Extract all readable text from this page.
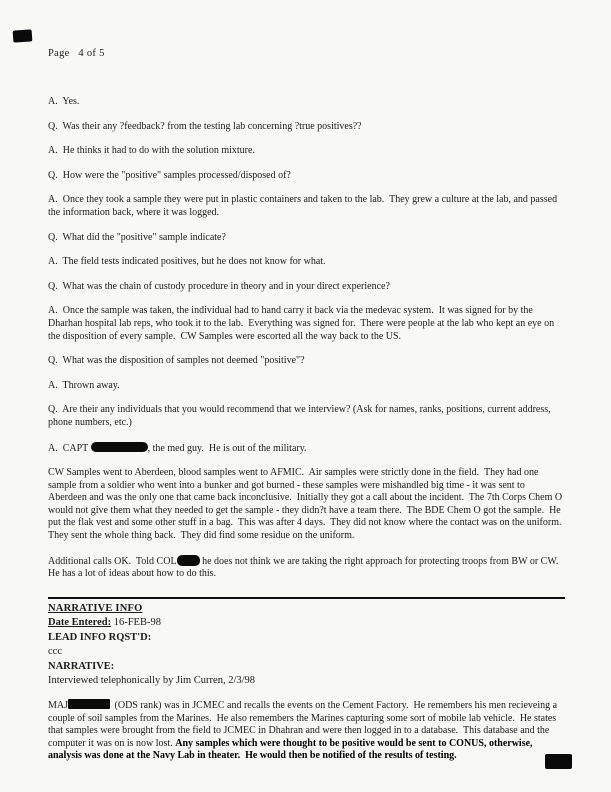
Page   4 of 5

A.  Yes.

Q.  Was their any ?feedback? from the testing lab concerning ?true positives??

A.  He thinks it had to do with the solution mixture.

Q.  How were the "positive" samples processed/disposed of?

A.  Once they took a sample they were put in plastic containers and taken to the lab.  They grew a culture at the lab, and passed the information back, where it was logged.

Q.  What did the "positive" sample indicate?

A.  The field tests indicated positives, but he does not know for what.

Q.  What was the chain of custody procedure in theory and in your direct experience?

A.  Once the sample was taken, the individual had to hand carry it back via the medevac system.  It was signed for by the Dharhan hospital lab reps, who took it to the lab.  Everything was signed for.  There were people at the lab who kept an eye on the disposition of every sample.  CW Samples were escorted all the way back to the US.

Q.  What was the disposition of samples not deemed "positive"?

A.  Thrown away.

Q.  Are their any individuals that you would recommend that we interview? (Ask for names, ranks, positions, current address, phone numbers, etc.)

A.  CAPT	, the med guy.  He is out of the military.

CW Samples went to Aberdeen, blood samples went to AFMIC.  Air samples were strictly done in the field.  They had one sample from a soldier who went into a bunker and got burned - these samples were mishandled big time - it was sent to Aberdeen and was the only one that came back inconclusive.  Initially they got a call about the incident.  The 7th Corps Chem O would not give them what they needed to get the sample - they didn?t have a team there.  The BDE Chem O got the sample.  He put the flak vest and some other stuff in a bag.  This was after 4 days.  They did not know where the contact was on the uniform.  They sent the whole thing back.  They did find some residue on the uniform.

Additional calls OK.  Told COL he does not think we are taking the right approach for protecting troops from BW or CW.  He has a lot of ideas about how to do this.

NARRATIVE INFO
Date Entered: 16-FEB-98
LEAD INFO RQST'D:
ccc
NARRATIVE:
Interviewed telephonically by Jim Curren, 2/3/98

MAJ	(ODS rank) was in JCMEC and recalls the events on the Cement Factory.  He remembers his men recieveing a couple of soil samples from the Marines.  He also remembers the Marines capturing some sort of mobile lab vehicle.  He states that samples were brought from the field to JCMEC in Dhahran and were then logged in to a database.  This database and the computer it was on is now lost. Any samples which were thought to be positive would be sent to CONUS, otherwise, analysis was done at the Navy Lab in theater.  He would then be notified of the results of testing.
